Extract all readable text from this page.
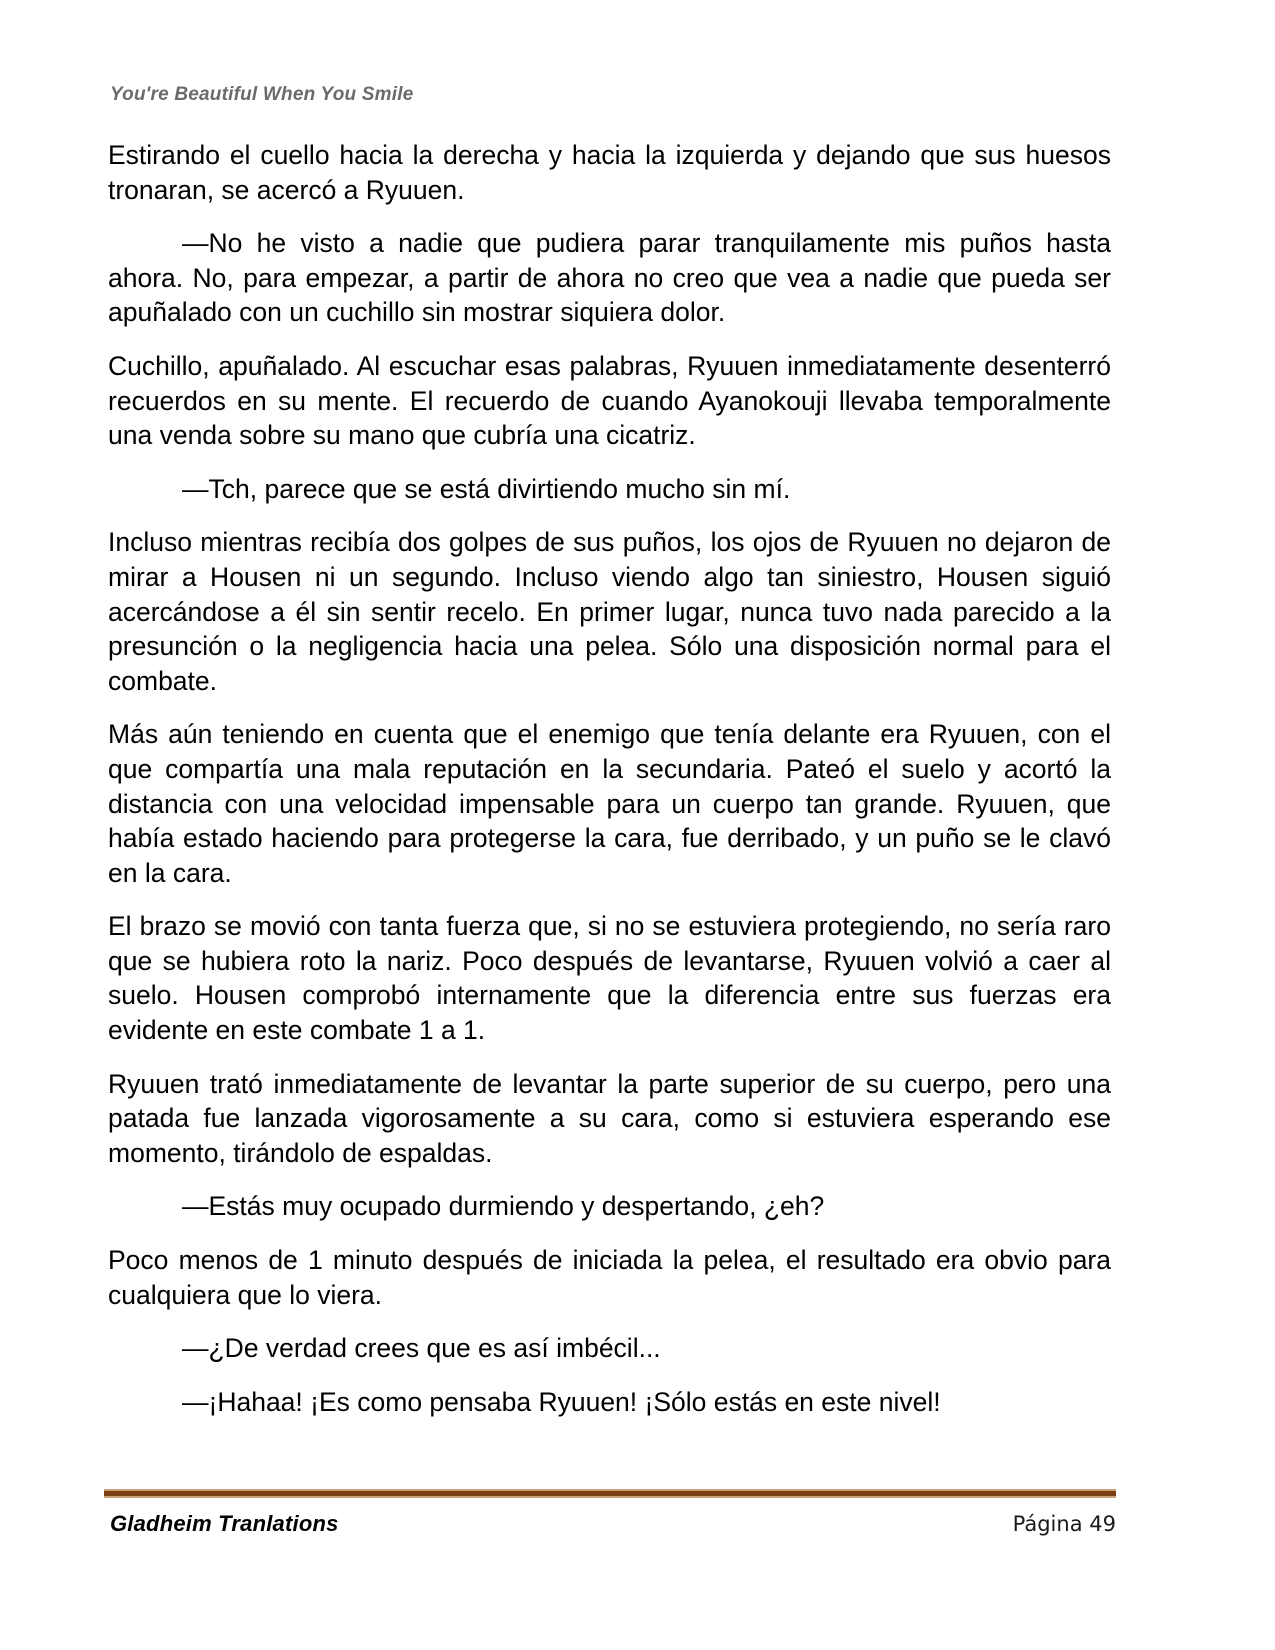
You're Beautiful When You Smile

Estirando el cuello hacia la derecha y hacia la izquierda y dejando que sus huesos tronaran, se acercó a Ryuuen.

—No he visto a nadie que pudiera parar tranquilamente mis puños hasta ahora. No, para empezar, a partir de ahora no creo que vea a nadie que pueda ser apuñalado con un cuchillo sin mostrar siquiera dolor.

Cuchillo, apuñalado. Al escuchar esas palabras, Ryuuen inmediatamente desenterró recuerdos en su mente. El recuerdo de cuando Ayanokouji llevaba temporalmente una venda sobre su mano que cubría una cicatriz.

—Tch, parece que se está divirtiendo mucho sin mí.

Incluso mientras recibía dos golpes de sus puños, los ojos de Ryuuen no dejaron de mirar a Housen ni un segundo. Incluso viendo algo tan siniestro, Housen siguió acercándose a él sin sentir recelo. En primer lugar, nunca tuvo nada parecido a la presunción o la negligencia hacia una pelea. Sólo una disposición normal para el combate.

Más aún teniendo en cuenta que el enemigo que tenía delante era Ryuuen, con el que compartía una mala reputación en la secundaria. Pateó el suelo y acortó la distancia con una velocidad impensable para un cuerpo tan grande. Ryuuen, que había estado haciendo para protegerse la cara, fue derribado, y un puño se le clavó en la cara.

El brazo se movió con tanta fuerza que, si no se estuviera protegiendo, no sería raro que se hubiera roto la nariz. Poco después de levantarse, Ryuuen volvió a caer al suelo. Housen comprobó internamente que la diferencia entre sus fuerzas era evidente en este combate 1 a 1.

Ryuuen trató inmediatamente de levantar la parte superior de su cuerpo, pero una patada fue lanzada vigorosamente a su cara, como si estuviera esperando ese momento, tirándolo de espaldas.

—Estás muy ocupado durmiendo y despertando, ¿eh?

Poco menos de 1 minuto después de iniciada la pelea, el resultado era obvio para cualquiera que lo viera.

—¿De verdad crees que es así imbécil...

—¡Hahaa! ¡Es como pensaba Ryuuen! ¡Sólo estás en este nivel!

Gladheim Tranlations	Página 49
